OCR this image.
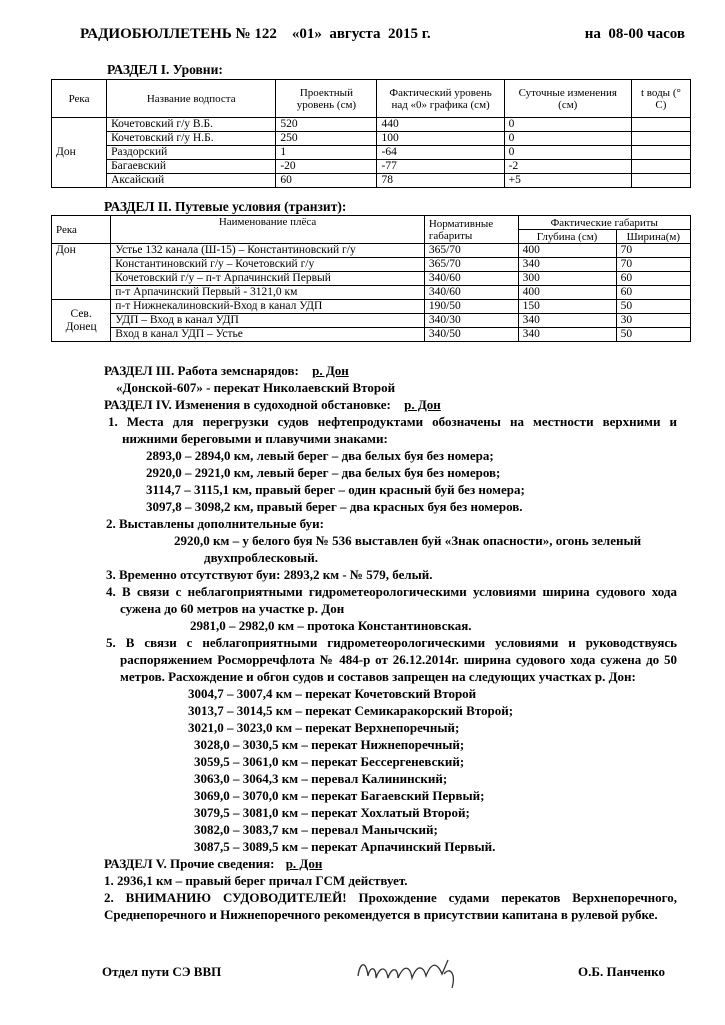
РАДИОБЮЛЛЕТЕНЬ № 122    «01»  августа  2015 г.	на  08-00 часов
РАЗДЕЛ I. Уровни:
Река	Название водпоста	Проектный уровень (см)	Фактический уровень над «0» графика (см)	Суточные изменения (см)	t воды (° С)
Дон	Кочетовский г/у В.Б.	520	440	0	
	Кочетовский г/у Н.Б.	250	100	0	
	Раздорский	1	-64	0	
	Багаевский	-20	-77	-2	
	Аксайский	60	78	+5	
РАЗДЕЛ II. Путевые условия (транзит):
Река	Наименование плёса	Нормативные габариты	Фактические габариты	
			Глубина (см)	Ширина(м)
Дон	Устье 132 канала (Ш-15) – Константиновский г/у	365/70	400	70
	Константиновский г/у – Кочетовский г/у	365/70	340	70
	Кочетовский г/у – п-т Арпачинский Первый	340/60	300	60
	п-т Арпачинский Первый - 3121,0 км	340/60	400	60
Сев. Донец	п-т Нижнекалиновский-Вход в канал УДП	190/50	150	50
	УДП – Вход в канал УДП	340/30	340	30
	Вход в канал УДП – Устье	340/50	340	50
РАЗДЕЛ III. Работа земснарядов: р. Дон
«Донской-607» - перекат Николаевский Второй
РАЗДЕЛ IV. Изменения в судоходной обстановке: р. Дон
1. Места для перегрузки судов нефтепродуктами обозначены на местности верхними и нижними береговыми и плавучими знаками:
2893,0 – 2894,0 км, левый берег – два белых буя без номера;
2920,0 – 2921,0 км, левый берег – два белых буя без номеров;
3114,7 – 3115,1 км, правый берег – один красный буй без номера;
3097,8 – 3098,2 км, правый берег – два красных буя без номеров.
2. Выставлены дополнительные буи:
2920,0 км – у белого буя № 536 выставлен буй «Знак опасности», огонь зеленый
двухпроблесковый.
3. Временно отсутствуют буи: 2893,2 км - № 579, белый.
4. В связи с неблагоприятными гидрометеорологическими условиями ширина судового хода сужена до 60 метров на участке р. Дон
2981,0 – 2982,0 км – протока Константиновская.
5. В связи с неблагоприятными гидрометеорологическими условиями и руководствуясь распоряжением Росморречфлота № 484-р от 26.12.2014г. ширина судового хода сужена до 50 метров. Расхождение и обгон судов и составов запрещен на следующих участках р. Дон:
3004,7 – 3007,4 км – перекат Кочетовский Второй
3013,7 – 3014,5 км – перекат Семикаракорский Второй;
3021,0 – 3023,0 км – перекат Верхнепоречный;
3028,0 – 3030,5 км – перекат Нижнепоречный;
3059,5 – 3061,0 км – перекат Бессергеневский;
3063,0 – 3064,3 км – перевал Калининский;
3069,0 – 3070,0 км – перекат Багаевский Первый;
3079,5 – 3081,0 км – перекат Хохлатый Второй;
3082,0 – 3083,7 км – перевал Манычский;
3087,5 – 3089,5 км – перекат Арпачинский Первый.
РАЗДЕЛ V. Прочие сведения: р. Дон
1. 2936,1 км – правый берег причал ГСМ действует.
2. ВНИМАНИЮ СУДОВОДИТЕЛЕЙ! Прохождение судами перекатов Верхнепоречного, Среднепоречного и Нижнепоречного рекомендуется в присутствии капитана в рулевой рубке.
Отдел пути СЭ ВВП	О.Б. Панченко
